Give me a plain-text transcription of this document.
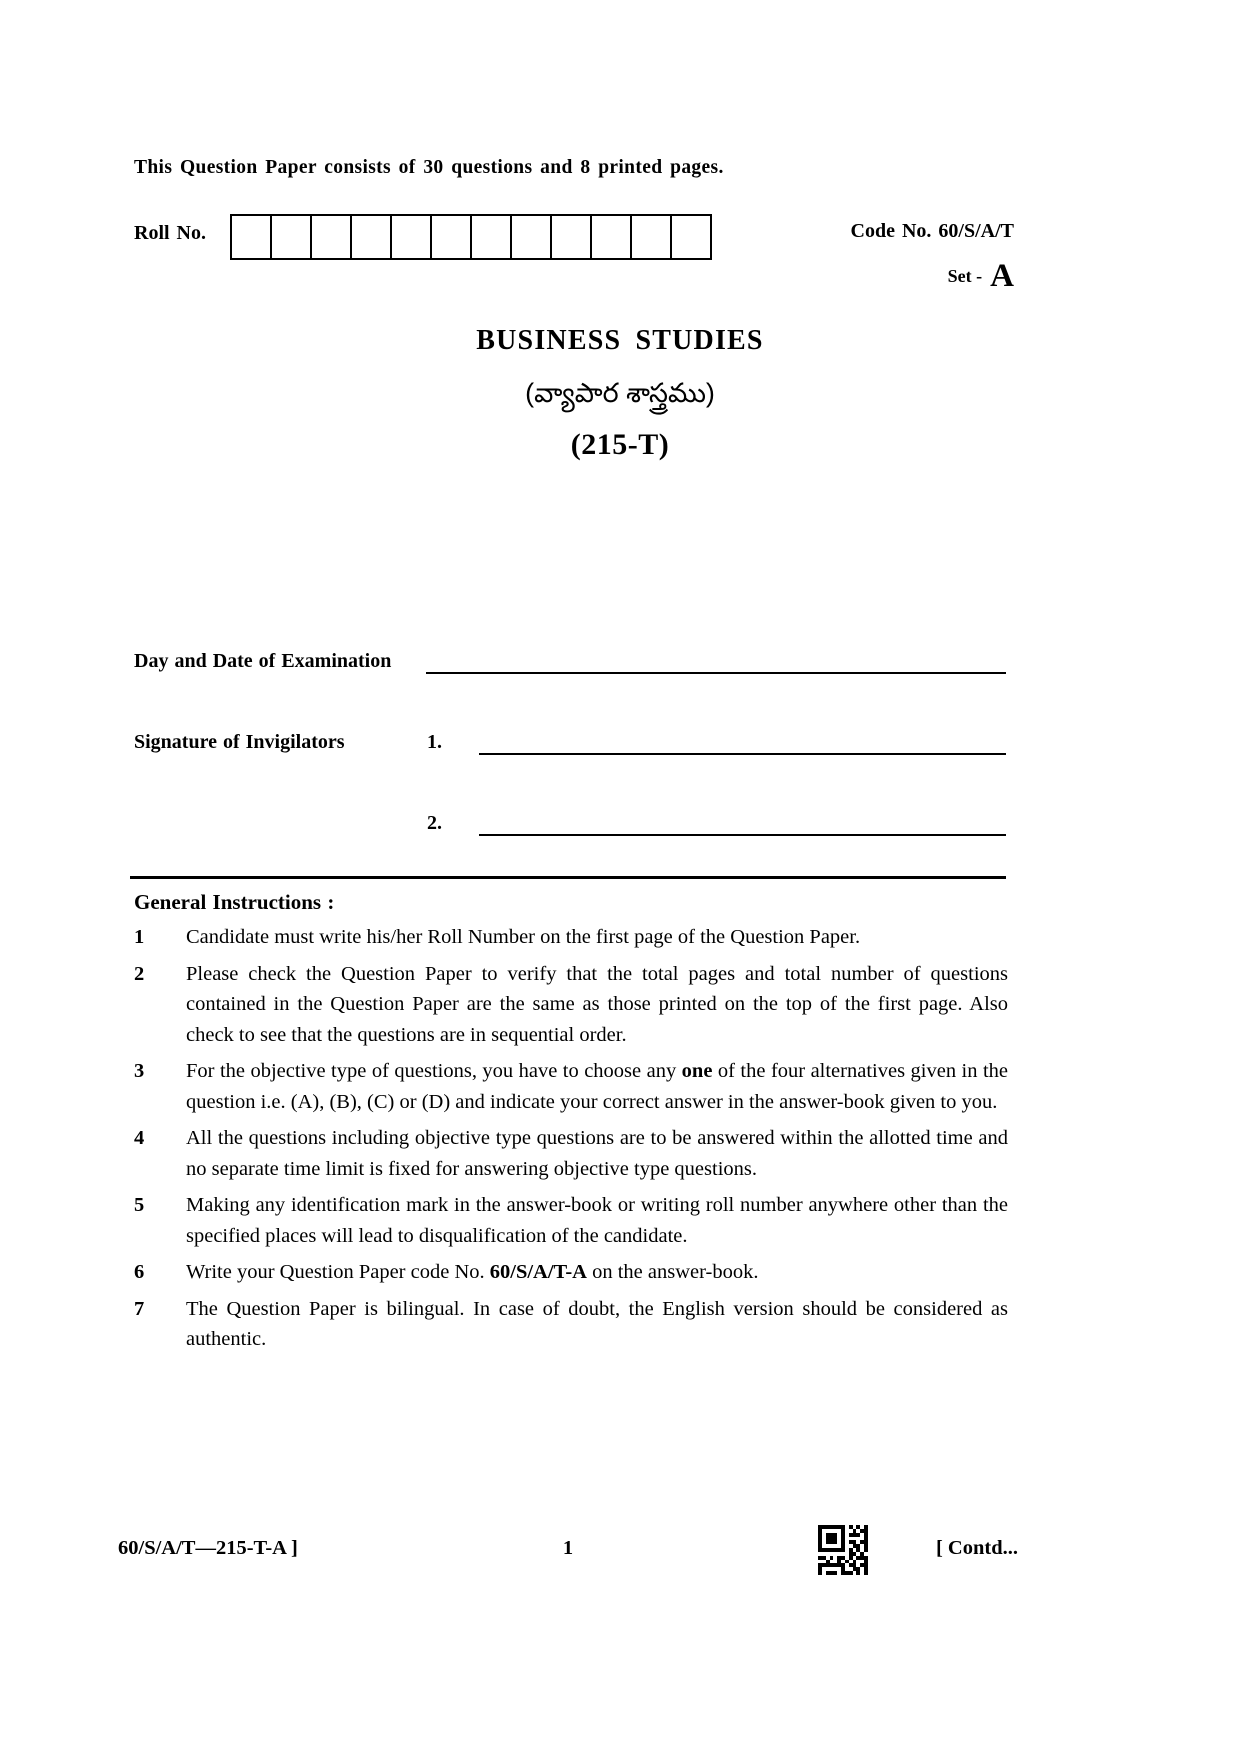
This Question Paper consists of 30 questions and 8 printed pages.
Roll No.	Code No. 60/S/A/T
Set - A
BUSINESS STUDIES
(వ్యాపార శాస్త్రము)
(215-T)
Day and Date of Examination
Signature of Invigilators	1.
2.
General Instructions :
1	Candidate must write his/her Roll Number on the first page of the Question Paper.
2	Please check the Question Paper to verify that the total pages and total number of questions contained in the Question Paper are the same as those printed on the top of the first page. Also check to see that the questions are in sequential order.
3	For the objective type of questions, you have to choose any one of the four alternatives given in the question i.e. (A), (B), (C) or (D) and indicate your correct answer in the answer-book given to you.
4	All the questions including objective type questions are to be answered within the allotted time and no separate time limit is fixed for answering objective type questions.
5	Making any identification mark in the answer-book or writing roll number anywhere other than the specified places will lead to disqualification of the candidate.
6	Write your Question Paper code No. 60/S/A/T-A on the answer-book.
7	The Question Paper is bilingual. In case of doubt, the English version should be considered as authentic.
60/S/A/T—215-T-A ]	1	[ Contd...
